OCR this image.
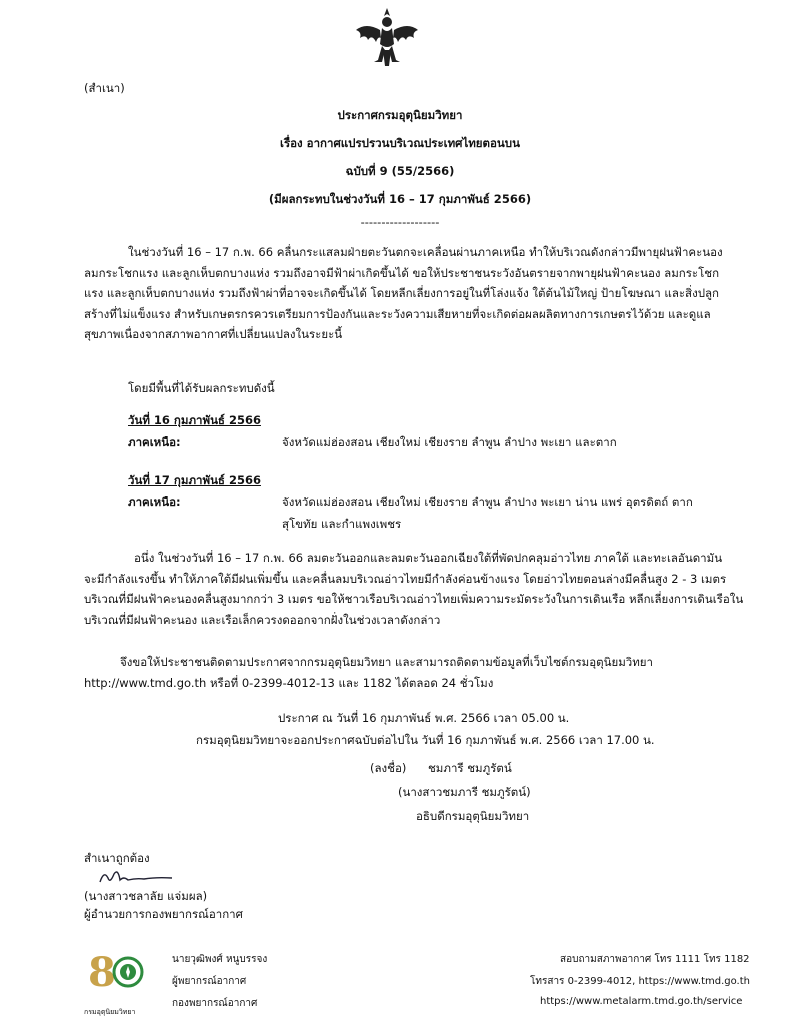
(สำเนา)
ประกาศกรมอุตุนิยมวิทยา
เรื่อง อากาศแปรปรวนบริเวณประเทศไทยตอนบน
ฉบับที่ 9 (55/2566)
(มีผลกระทบในช่วงวันที่ 16 – 17 กุมภาพันธ์ 2566)
-------------------
ในช่วงวันที่ 16 – 17 ก.พ. 66 คลื่นกระแสลมฝ่ายตะวันตกจะเคลื่อนผ่านภาคเหนือ ทำให้บริเวณดังกล่าวมีพายุฝนฟ้าคะนอง
ลมกระโชกแรง และลูกเห็บตกบางแห่ง รวมถึงอาจมีฟ้าผ่าเกิดขึ้นได้ ขอให้ประชาชนระวังอันตรายจากพายุฝนฟ้าคะนอง ลมกระโชก
แรง และลูกเห็บตกบางแห่ง รวมถึงฟ้าผ่าที่อาจจะเกิดขึ้นได้ โดยหลีกเลี่ยงการอยู่ในที่โล่งแจ้ง ใต้ต้นไม้ใหญ่ ป้ายโฆษณา และสิ่งปลูก
สร้างที่ไม่แข็งแรง สำหรับเกษตรกรควรเตรียมการป้องกันและระวังความเสียหายที่จะเกิดต่อผลผลิตทางการเกษตรไว้ด้วย และดูแล
สุขภาพเนื่องจากสภาพอากาศที่เปลี่ยนแปลงในระยะนี้
โดยมีพื้นที่ได้รับผลกระทบดังนี้
วันที่ 16 กุมภาพันธ์ 2566
ภาคเหนือ:	จังหวัดแม่ฮ่องสอน เชียงใหม่ เชียงราย ลำพูน ลำปาง พะเยา และตาก
วันที่ 17 กุมภาพันธ์ 2566
ภาคเหนือ:	จังหวัดแม่ฮ่องสอน เชียงใหม่ เชียงราย ลำพูน ลำปาง พะเยา น่าน แพร่ อุตรดิตถ์ ตาก
สุโขทัย และกำแพงเพชร
อนึ่ง ในช่วงวันที่ 16 – 17 ก.พ. 66 ลมตะวันออกและลมตะวันออกเฉียงใต้ที่พัดปกคลุมอ่าวไทย ภาคใต้ และทะเลอันดามัน
จะมีกำลังแรงขึ้น ทำให้ภาคใต้มีฝนเพิ่มขึ้น และคลื่นลมบริเวณอ่าวไทยมีกำลังค่อนข้างแรง โดยอ่าวไทยตอนล่างมีคลื่นสูง 2 - 3 เมตร
บริเวณที่มีฝนฟ้าคะนองคลื่นสูงมากกว่า 3 เมตร ขอให้ชาวเรือบริเวณอ่าวไทยเพิ่มความระมัดระวังในการเดินเรือ หลีกเลี่ยงการเดินเรือใน
บริเวณที่มีฝนฟ้าคะนอง และเรือเล็กควรงดออกจากฝั่งในช่วงเวลาดังกล่าว
จึงขอให้ประชาชนติดตามประกาศจากกรมอุตุนิยมวิทยา และสามารถติดตามข้อมูลที่เว็บไซต์กรมอุตุนิยมวิทยา
http://www.tmd.go.th หรือที่ 0-2399-4012-13 และ 1182 ได้ตลอด 24 ชั่วโมง
ประกาศ ณ วันที่ 16 กุมภาพันธ์ พ.ศ. 2566 เวลา 05.00 น.
กรมอุตุนิยมวิทยาจะออกประกาศฉบับต่อไปใน วันที่ 16 กุมภาพันธ์ พ.ศ. 2566 เวลา 17.00 น.
(ลงชื่อ) ชมภารี ชมภูรัตน์
(นางสาวชมภารี ชมภูรัตน์)
อธิบดีกรมอุตุนิยมวิทยา
สำเนาถูกต้อง
(นางสาวชลาลัย แจ่มผล)
ผู้อำนวยการกองพยากรณ์อากาศ
8
กรมอุตุนิยมวิทยา
นายวุฒิพงศ์ หนูบรรจง
ผู้พยากรณ์อากาศ
กองพยากรณ์อากาศ
สอบถามสภาพอากาศ โทร 1111 โทร 1182
โทรสาร 0-2399-4012, https://www.tmd.go.th
https://www.metalarm.tmd.go.th/service
